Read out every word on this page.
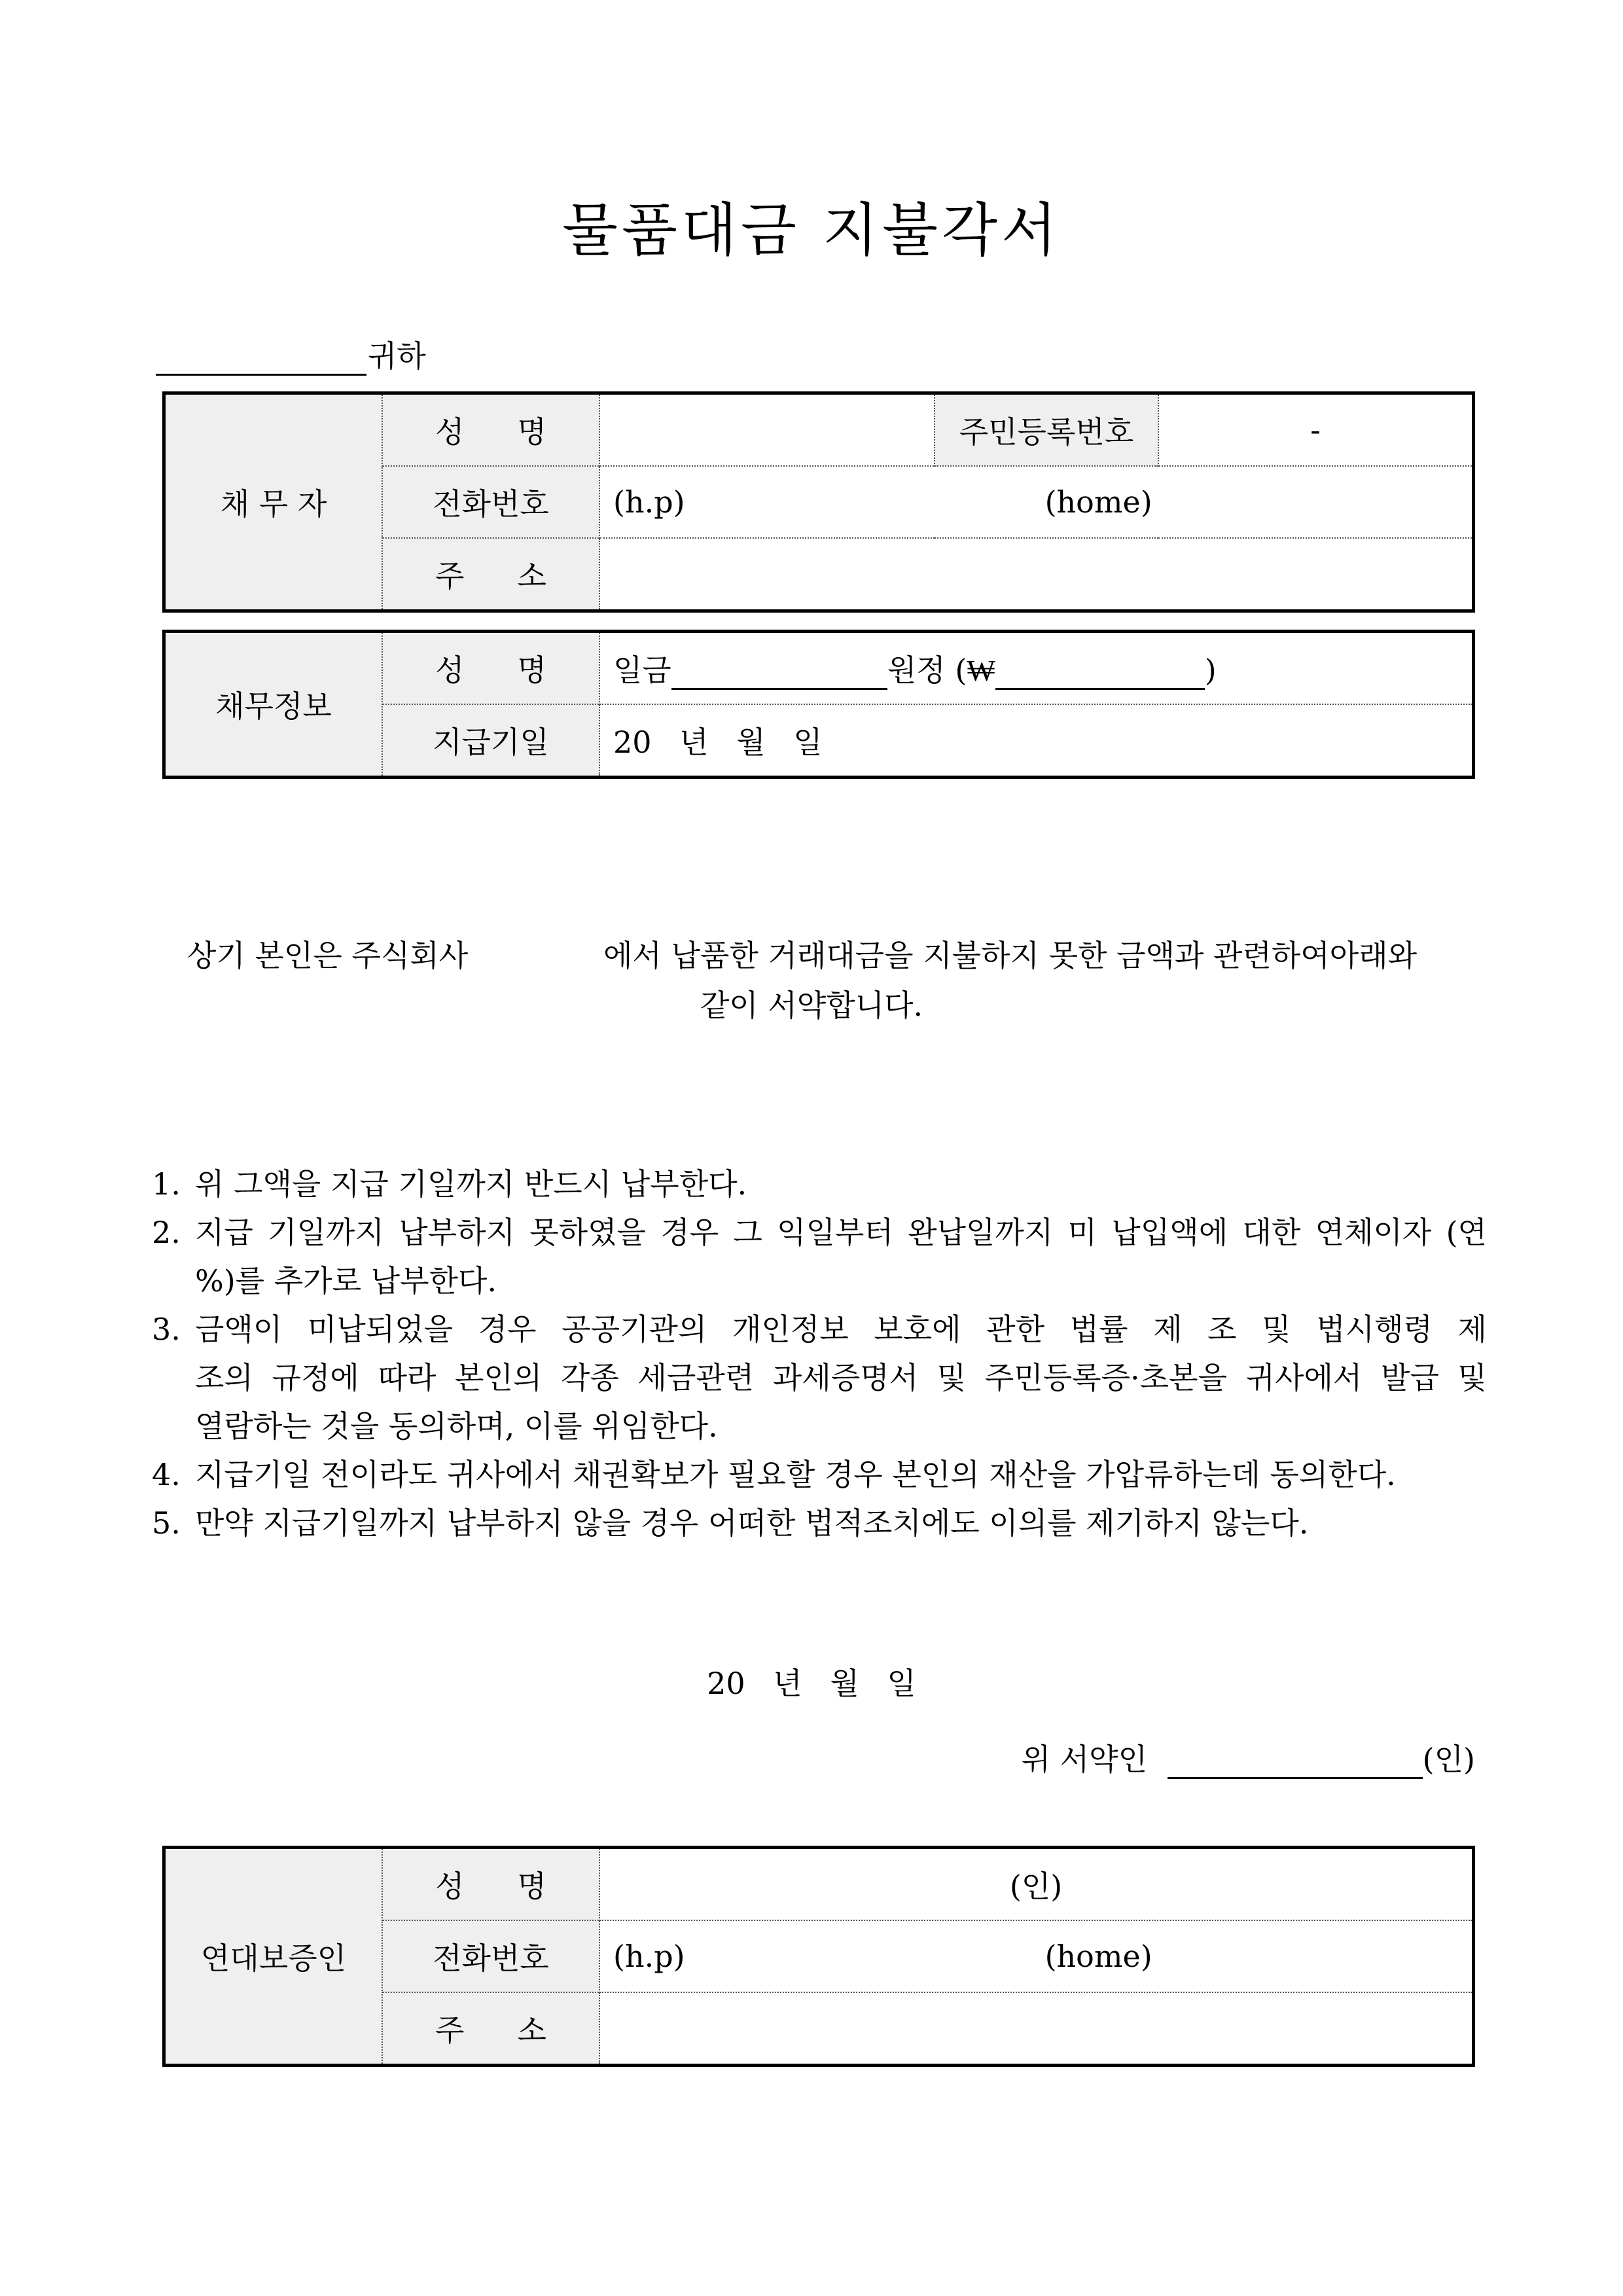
물품대금 지불각서
귀하
채 무 자	성 명		주민등록번호	-
	전화번호	(h.p) (home)		
	주 소			
채무정보	성 명	일금 원정 (₩ )
	지급기일	20 년 월 일
상기 본인은 주식회사	에서 납품한 거래대금을 지불하지 못한 금액과 관련하여아래와
같이 서약합니다.
1. 위 그액을 지급 기일까지 반드시 납부한다.
2. 지급 기일까지 납부하지 못하였을 경우 그 익일부터 완납일까지 미 납입액에 대한 연체이자 (연
%)를 추가로 납부한다.
3. 금액이 미납되었을 경우 공공기관의 개인정보 보호에 관한 법률 제 조 및 법시행령 제
조의 규정에 따라 본인의 각종 세금관련 과세증명서 및 주민등록증·초본을 귀사에서 발급 및
열람하는 것을 동의하며, 이를 위임한다.
4. 지급기일 전이라도 귀사에서 채권확보가 필요할 경우 본인의 재산을 가압류하는데 동의한다.
5. 만약 지급기일까지 납부하지 않을 경우 어떠한 법적조치에도 이의를 제기하지 않는다.
20 년 월 일
위 서약인	(인)
연대보증인	성 명	(인)
	전화번호	(h.p) (home)
	주 소	
